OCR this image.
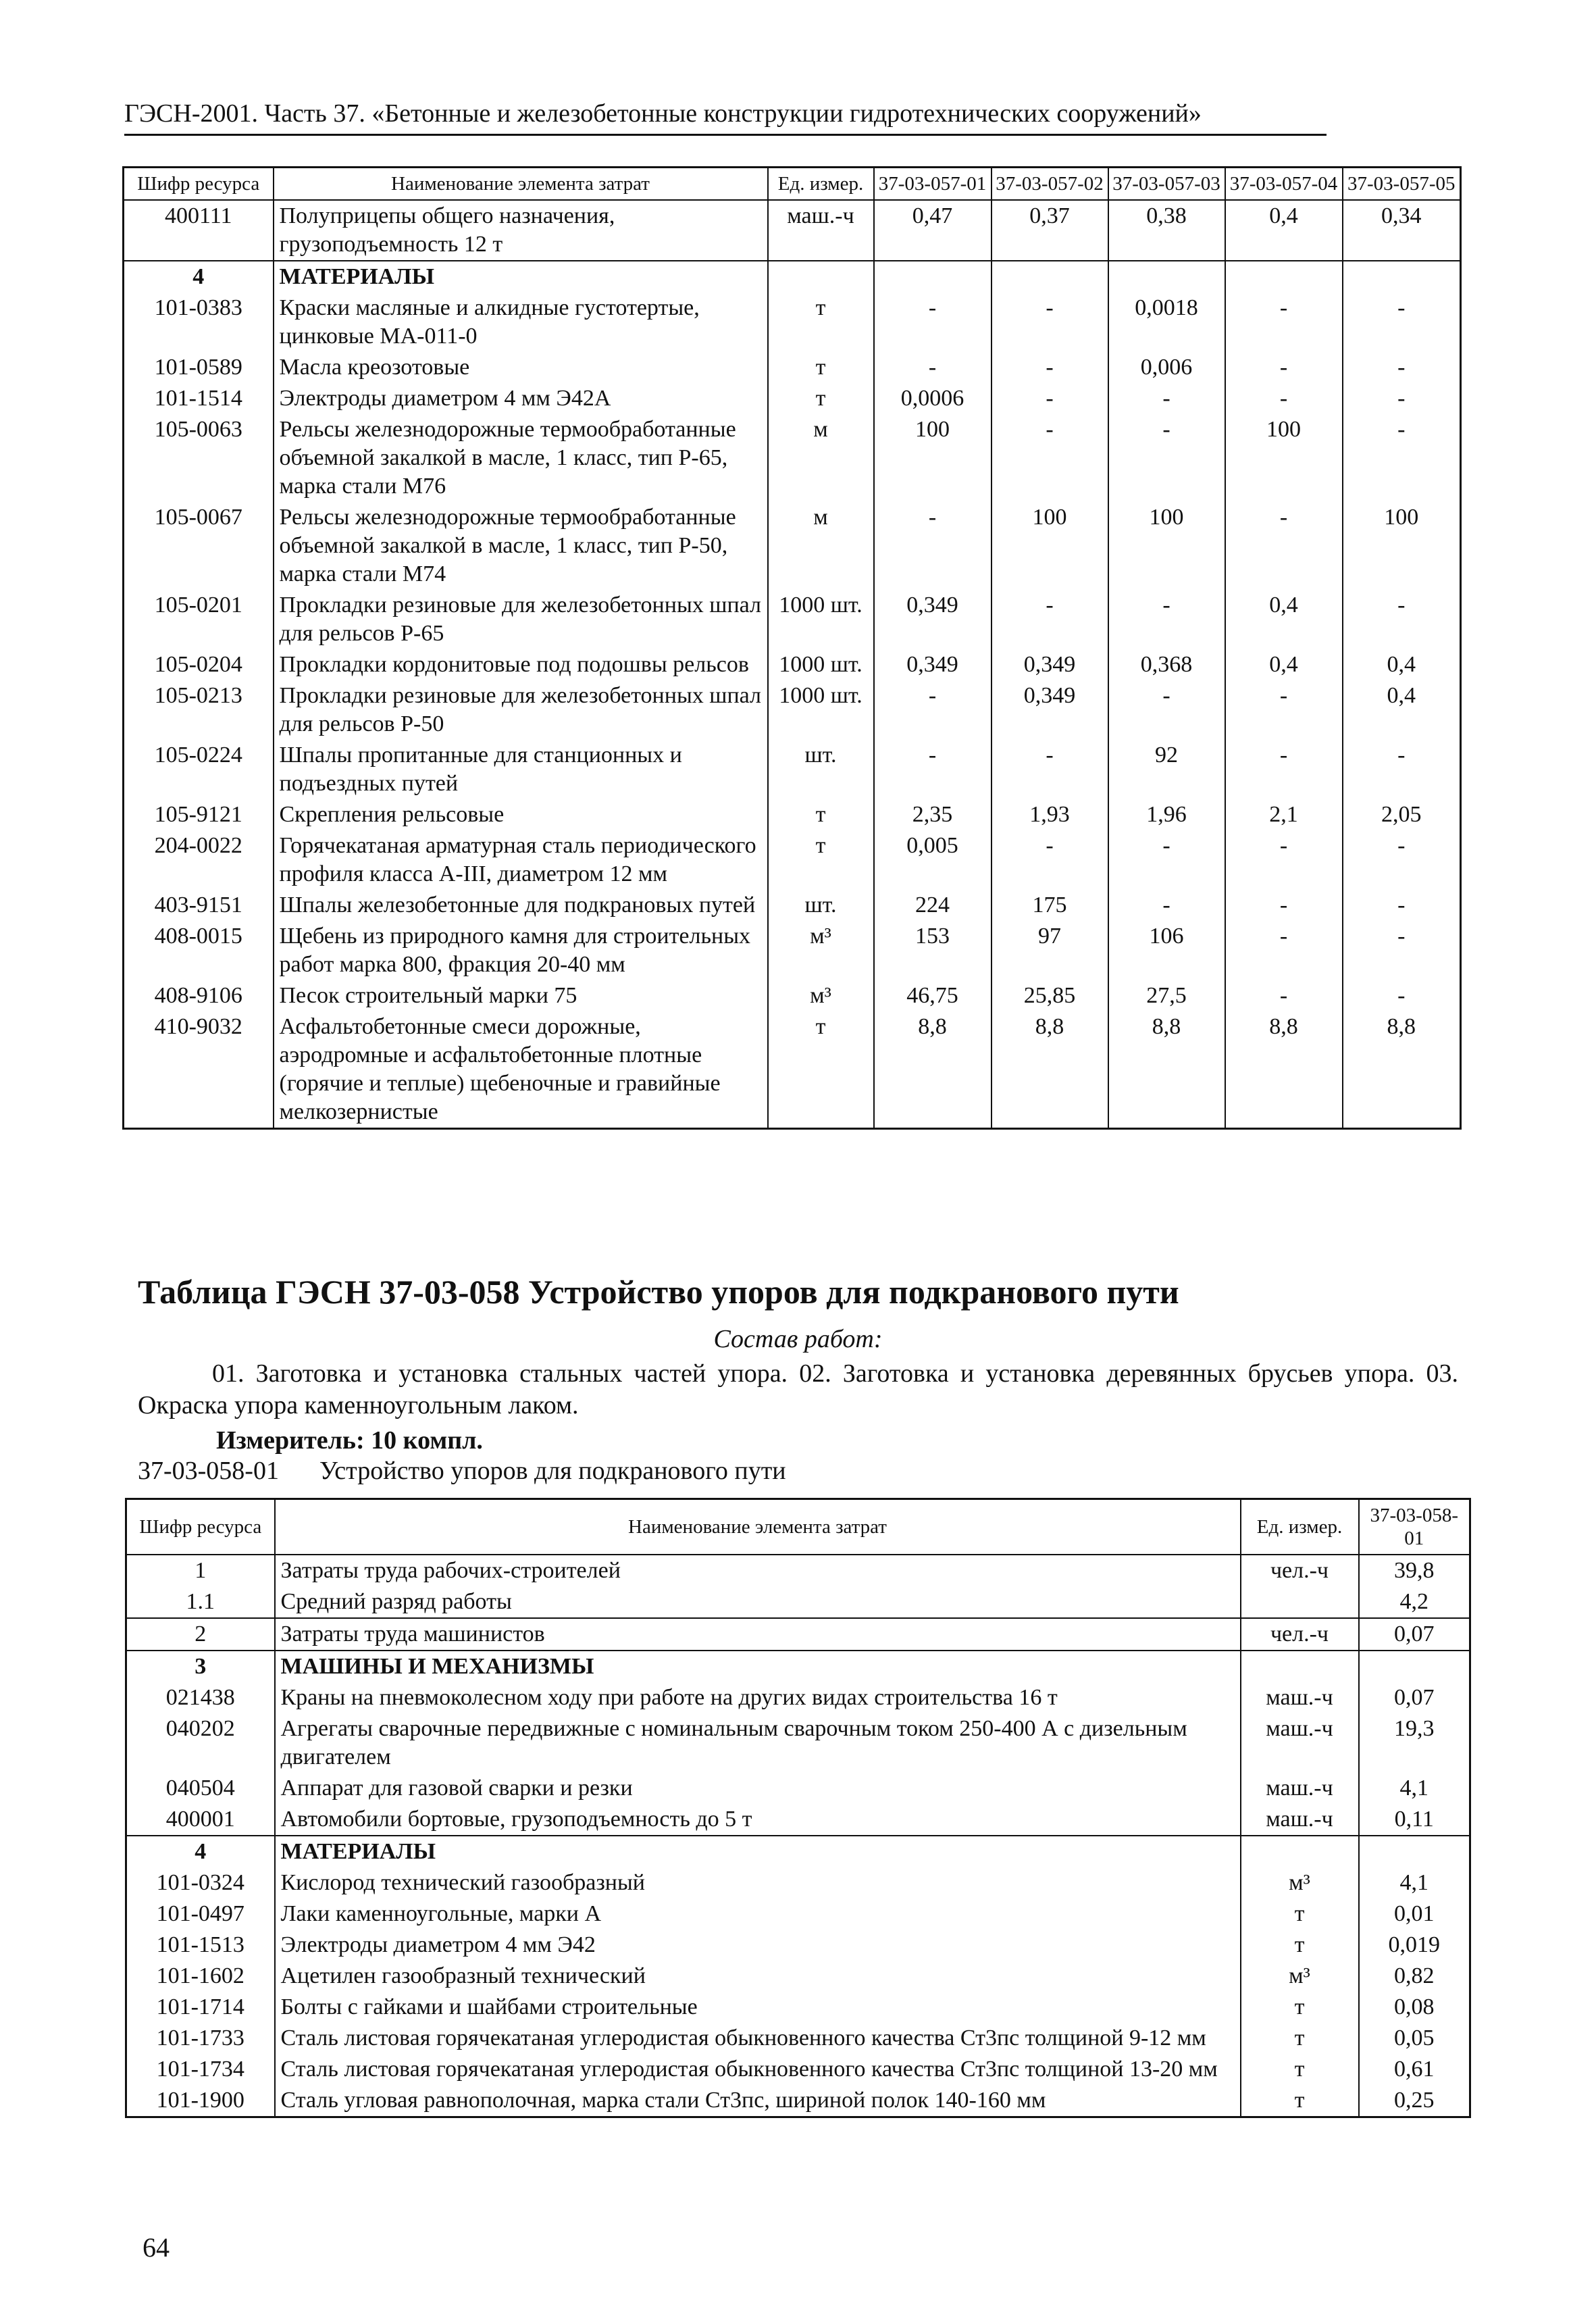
ГЭСН-2001. Часть 37. «Бетонные и железобетонные конструкции гидротехнических сооружений»
Шифр ресурса	Наименование элемента затрат	Ед. измер.	37-03-057-01	37-03-057-02	37-03-057-03	37-03-057-04	37-03-057-05
400111	Полуприцепы общего назначения, грузоподъемность 12 т	маш.-ч	0,47	0,37	0,38	0,4	0,34
4	МАТЕРИАЛЫ						
101-0383	Краски масляные и алкидные густотертые, цинковые МА-011-0	т	-	-	0,0018	-	-
101-0589	Масла креозотовые	т	-	-	0,006	-	-
101-1514	Электроды диаметром 4 мм Э42А	т	0,0006	-	-	-	-
105-0063	Рельсы железнодорожные термообработанные объемной закалкой в масле, 1 класс, тип Р-65, марка стали М76	м	100	-	-	100	-
105-0067	Рельсы железнодорожные термообработанные объемной закалкой в масле, 1 класс, тип Р-50, марка стали М74	м	-	100	100	-	100
105-0201	Прокладки резиновые для железобетонных шпал для рельсов Р-65	1000 шт.	0,349	-	-	0,4	-
105-0204	Прокладки кордонитовые под подошвы рельсов	1000 шт.	0,349	0,349	0,368	0,4	0,4
105-0213	Прокладки резиновые для железобетонных шпал для рельсов Р-50	1000 шт.	-	0,349	-	-	0,4
105-0224	Шпалы пропитанные для станционных и подъездных путей	шт.	-	-	92	-	-
105-9121	Скрепления рельсовые	т	2,35	1,93	1,96	2,1	2,05
204-0022	Горячекатаная арматурная сталь периодического профиля класса А-III, диаметром 12 мм	т	0,005	-	-	-	-
403-9151	Шпалы железобетонные для подкрановых путей	шт.	224	175	-	-	-
408-0015	Щебень из природного камня для строительных работ марка 800, фракция 20-40 мм	м³	153	97	106	-	-
408-9106	Песок строительный марки 75	м³	46,75	25,85	27,5	-	-
410-9032	Асфальтобетонные смеси дорожные, аэродромные и асфальтобетонные плотные (горячие и теплые) щебеночные и гравийные мелкозернистые	т	8,8	8,8	8,8	8,8	8,8
Таблица ГЭСН 37-03-058 Устройство упоров для подкранового пути
Состав работ:
01. Заготовка и установка стальных частей упора. 02. Заготовка и установка деревянных брусьев упора. 03. Окраска упора каменноугольным лаком.
Измеритель: 10 компл.
37-03-058-01 Устройство упоров для подкранового пути
Шифр ресурса	Наименование элемента затрат	Ед. измер.	37-03-058-01
1	Затраты труда рабочих-строителей	чел.-ч	39,8
1.1	Средний разряд работы		4,2
2	Затраты труда машинистов	чел.-ч	0,07
3	МАШИНЫ И МЕХАНИЗМЫ		
021438	Краны на пневмоколесном ходу при работе на других видах строительства 16 т	маш.-ч	0,07
040202	Агрегаты сварочные передвижные с номинальным сварочным током 250-400 А с дизельным двигателем	маш.-ч	19,3
040504	Аппарат для газовой сварки и резки	маш.-ч	4,1
400001	Автомобили бортовые, грузоподъемность до 5 т	маш.-ч	0,11
4	МАТЕРИАЛЫ		
101-0324	Кислород технический газообразный	м³	4,1
101-0497	Лаки каменноугольные, марки А	т	0,01
101-1513	Электроды диаметром 4 мм Э42	т	0,019
101-1602	Ацетилен газообразный технический	м³	0,82
101-1714	Болты с гайками и шайбами строительные	т	0,08
101-1733	Сталь листовая горячекатаная углеродистая обыкновенного качества Ст3пс толщиной 9-12 мм	т	0,05
101-1734	Сталь листовая горячекатаная углеродистая обыкновенного качества Ст3пс толщиной 13-20 мм	т	0,61
101-1900	Сталь угловая равнополочная, марка стали Ст3пс, шириной полок 140-160 мм	т	0,25
64
